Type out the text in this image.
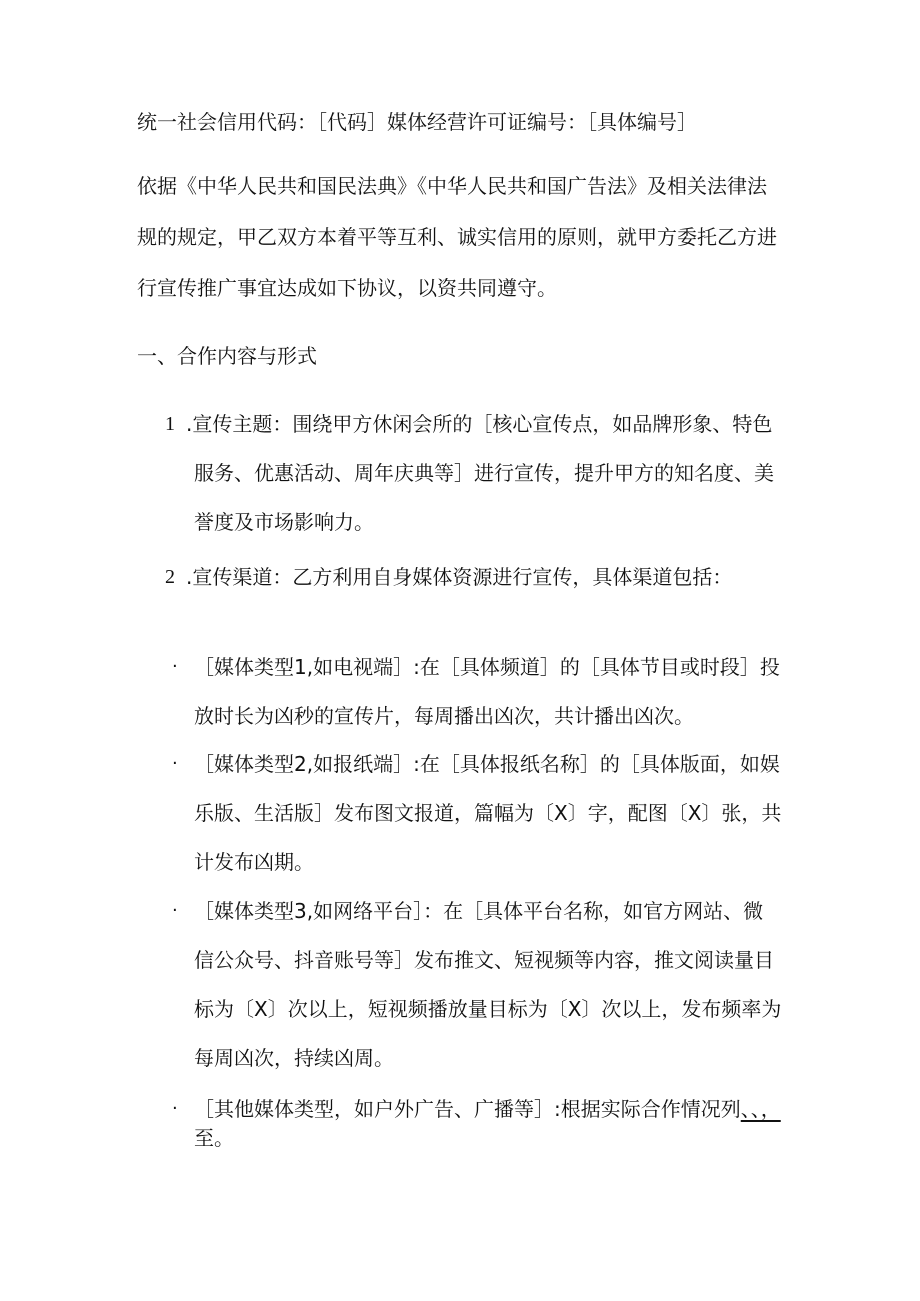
统一社会信用代码：［代码］媒体经营许可证编号：［具体编号］
依据《中华人民共和国民法典》《中华人民共和国广告法》及相关法律法
规的规定，甲乙双方本着平等互利、诚实信用的原则，就甲方委托乙方进
行宣传推广事宜达成如下协议，以资共同遵守。
一、合作内容与形式
1 .宣传主题：围绕甲方休闲会所的［核心宣传点，如品牌形象、特色
服务、优惠活动、周年庆典等］进行宣传，提升甲方的知名度、美
誉度及市场影响力。
2 .宣传渠道：乙方利用自身媒体资源进行宣传，具体渠道包括：
· ［媒体类型1,如电视端］:在［具体频道］的［具体节目或时段］投
放时长为凶秒的宣传片，每周播出凶次，共计播出凶次。
· ［媒体类型2,如报纸端］:在［具体报纸名称］的［具体版面，如娱
乐版、生活版］发布图文报道，篇幅为〔X〕字，配图〔X〕张，共
计发布凶期。
· ［媒体类型3,如网络平台］：在［具体平台名称，如官方网站、微
信公众号、抖音账号等］发布推文、短视频等内容，推文阅读量目
标为〔X〕次以上，短视频播放量目标为〔X〕次以上，发布频率为
每周凶次，持续凶周。
· ［其他媒体类型，如户外广告、广播等］:根据实际合作情况列、、，
至。
